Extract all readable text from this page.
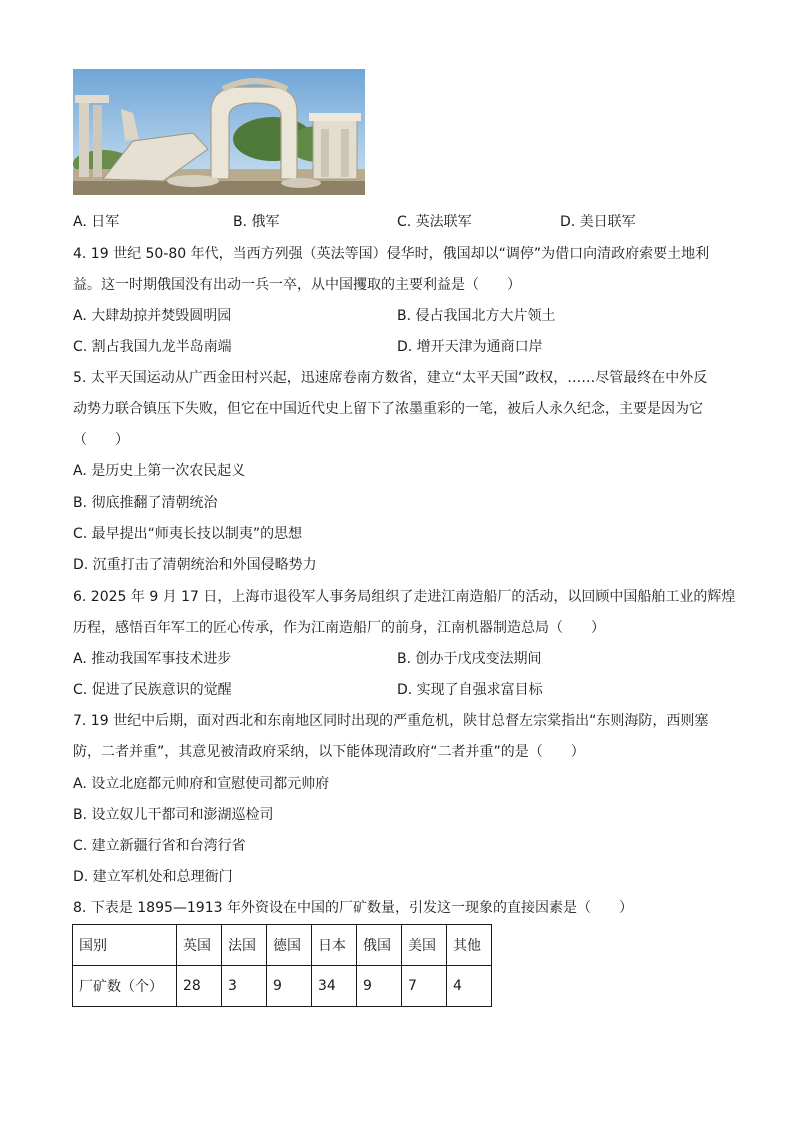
A. 日军	B. 俄军	C. 英法联军	D. 美日联军
4. 19 世纪 50-80 年代，当西方列强（英法等国）侵华时，俄国却以“调停”为借口向清政府索要土地利
益。这一时期俄国没有出动一兵一卒，从中国攫取的主要利益是（　　）
A. 大肆劫掠并焚毁圆明园	B. 侵占我国北方大片领土
C. 割占我国九龙半岛南端	D. 增开天津为通商口岸
5. 太平天国运动从广西金田村兴起，迅速席卷南方数省，建立“太平天国”政权，……尽管最终在中外反
动势力联合镇压下失败，但它在中国近代史上留下了浓墨重彩的一笔，被后人永久纪念，主要是因为它
（　　）
A. 是历史上第一次农民起义
B. 彻底推翻了清朝统治
C. 最早提出“师夷长技以制夷”的思想
D. 沉重打击了清朝统治和外国侵略势力
6. 2025 年 9 月 17 日，上海市退役军人事务局组织了走进江南造船厂的活动，以回顾中国船舶工业的辉煌
历程，感悟百年军工的匠心传承，作为江南造船厂的前身，江南机器制造总局（　　）
A. 推动我国军事技术进步	B. 创办于戊戌变法期间
C. 促进了民族意识的觉醒	D. 实现了自强求富目标
7. 19 世纪中后期，面对西北和东南地区同时出现的严重危机，陕甘总督左宗棠指出“东则海防，西则塞
防，二者并重”，其意见被清政府采纳，以下能体现清政府“二者并重”的是（　　）
A. 设立北庭都元帅府和宣慰使司都元帅府
B. 设立奴儿干都司和澎湖巡检司
C. 建立新疆行省和台湾行省
D. 建立军机处和总理衙门
8. 下表是 1895—1913 年外资设在中国的厂矿数量，引发这一现象的直接因素是（　　）
国别	英国	法国	德国	日本	俄国	美国	其他
厂矿数（个）	28	3	9	34	9	7	4
